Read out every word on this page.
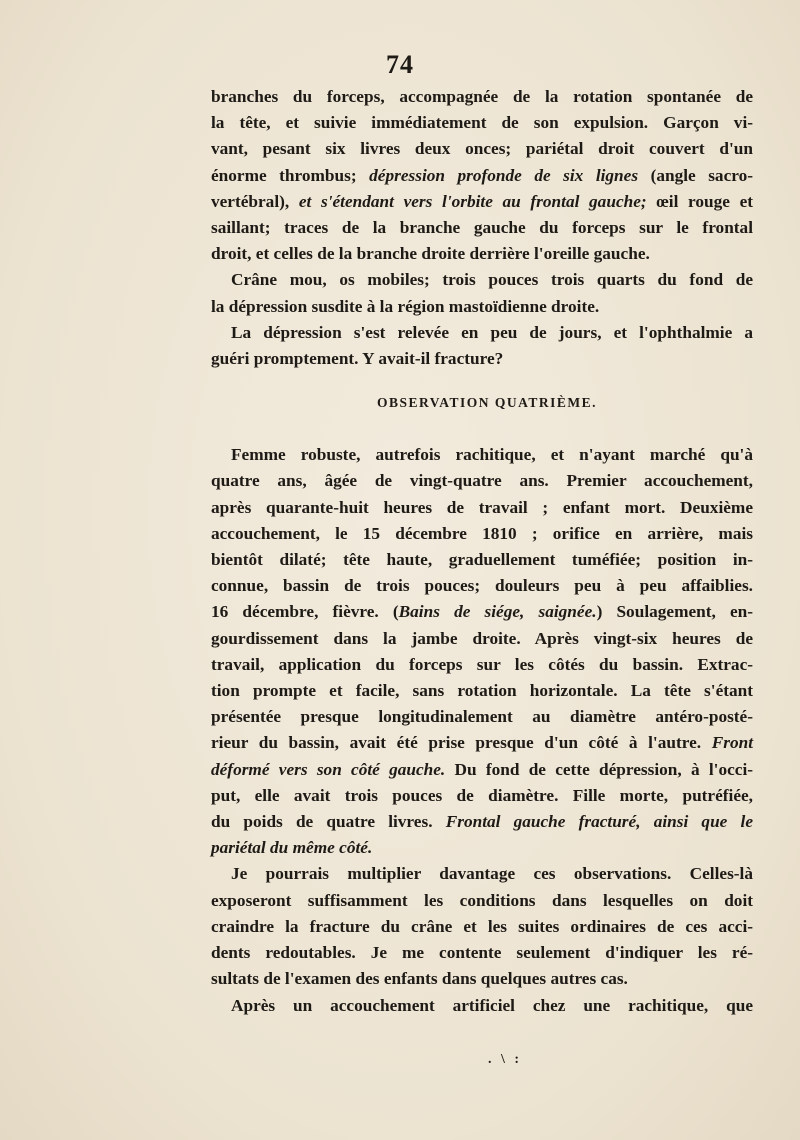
74
branches du forceps, accompagnée de la rotation spontanée de
la tête, et suivie immédiatement de son expulsion. Garçon vi-
vant, pesant six livres deux onces; pariétal droit couvert d'un
énorme thrombus; dépression profonde de six lignes (angle sacro-
vertébral), et s'étendant vers l'orbite au frontal gauche; œil rouge et
saillant; traces de la branche gauche du forceps sur le frontal
droit, et celles de la branche droite derrière l'oreille gauche.
Crâne mou, os mobiles; trois pouces trois quarts du fond de
la dépression susdite à la région mastoïdienne droite.
La dépression s'est relevée en peu de jours, et l'ophthalmie a
guéri promptement. Y avait-il fracture?
OBSERVATION QUATRIÈME.
Femme robuste, autrefois rachitique, et n'ayant marché qu'à
quatre ans, âgée de vingt-quatre ans. Premier accouchement,
après quarante-huit heures de travail ; enfant mort. Deuxième
accouchement, le 15 décembre 1810 ; orifice en arrière, mais
bientôt dilaté; tête haute, graduellement tuméfiée; position in-
connue, bassin de trois pouces; douleurs peu à peu affaiblies.
16 décembre, fièvre. (Bains de siége, saignée.) Soulagement, en-
gourdissement dans la jambe droite. Après vingt-six heures de
travail, application du forceps sur les côtés du bassin. Extrac-
tion prompte et facile, sans rotation horizontale. La tête s'étant
présentée presque longitudinalement au diamètre antéro-posté-
rieur du bassin, avait été prise presque d'un côté à l'autre. Front
déformé vers son côté gauche. Du fond de cette dépression, à l'occi-
put, elle avait trois pouces de diamètre. Fille morte, putréfiée,
du poids de quatre livres. Frontal gauche fracturé, ainsi que le
pariétal du même côté.
Je pourrais multiplier davantage ces observations. Celles-là
exposeront suffisamment les conditions dans lesquelles on doit
craindre la fracture du crâne et les suites ordinaires de ces acci-
dents redoutables. Je me contente seulement d'indiquer les ré-
sultats de l'examen des enfants dans quelques autres cas.
Après un accouchement artificiel chez une rachitique, que
. \ :
